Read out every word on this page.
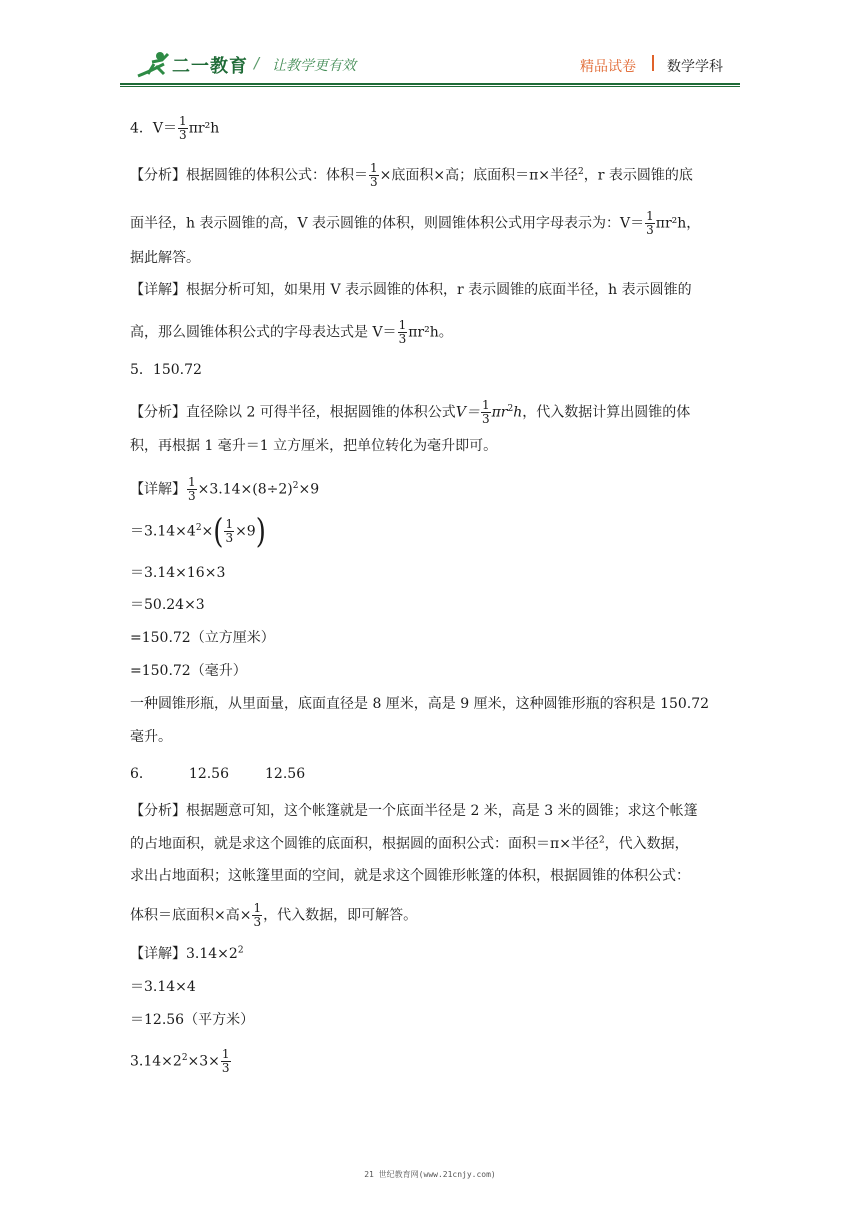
二一教育 / 让教学更有效	精品试卷 数学学科
4．$V= \frac{1}{3} \pi r^2h$
【分析】根据圆锥的体积公式：体积＝ $\frac{1}{3}$ ×底面积×高；底面积＝π×半径$^2$，r 表示圆锥的底
面半径，h 表示圆锥的高，V 表示圆锥的体积，则圆锥体积公式用字母表示为：$V= \frac{1}{3} \pi r^2h$，
据此解答。
【详解】根据分析可知，如果用 V 表示圆锥的体积，r 表示圆锥的底面半径，h 表示圆锥的
高，那么圆锥体积公式的字母表达式是 $V= \frac{1}{3} \pi r^2h$。
5．150.72
【分析】直径除以 2 可得半径，根据圆锥的体积公式$V= \frac{1}{3} \pi r^2h$，代入数据计算出圆锥的体
积，再根据 1 毫升＝1 立方厘米，把单位转化为毫升即可。
【详解】 $\frac{1}{3} \times 3.14\times(8\div 2)^2\times 9$
$=3.14\times 4^2\times( \frac{1}{3} \times 9)$
＝3.14×16×3
＝50.24×3
=150.72（立方厘米）
=150.72（毫升）
一种圆锥形瓶，从里面量，底面直径是 8 厘米，高是 9 厘米，这种圆锥形瓶的容积是 150.72
毫升。
6．	12.56	12.56
【分析】根据题意可知，这个帐篷就是一个底面半径是 2 米，高是 3 米的圆锥；求这个帐篷
的占地面积，就是求这个圆锥的底面积，根据圆的面积公式：面积＝π×半径$^2$，代入数据，
求出占地面积；这帐篷里面的空间，就是求这个圆锥形帐篷的体积，根据圆锥的体积公式：
体积＝底面积×高× $\frac{1}{3}$ ，代入数据，即可解答。
【详解】$3.14\times 2^2$
＝3.14×4
＝12.56（平方米）
$3.14\times 2^2\times 3\times \frac{1}{3}$
21 世纪教育网(www.21cnjy.com)
